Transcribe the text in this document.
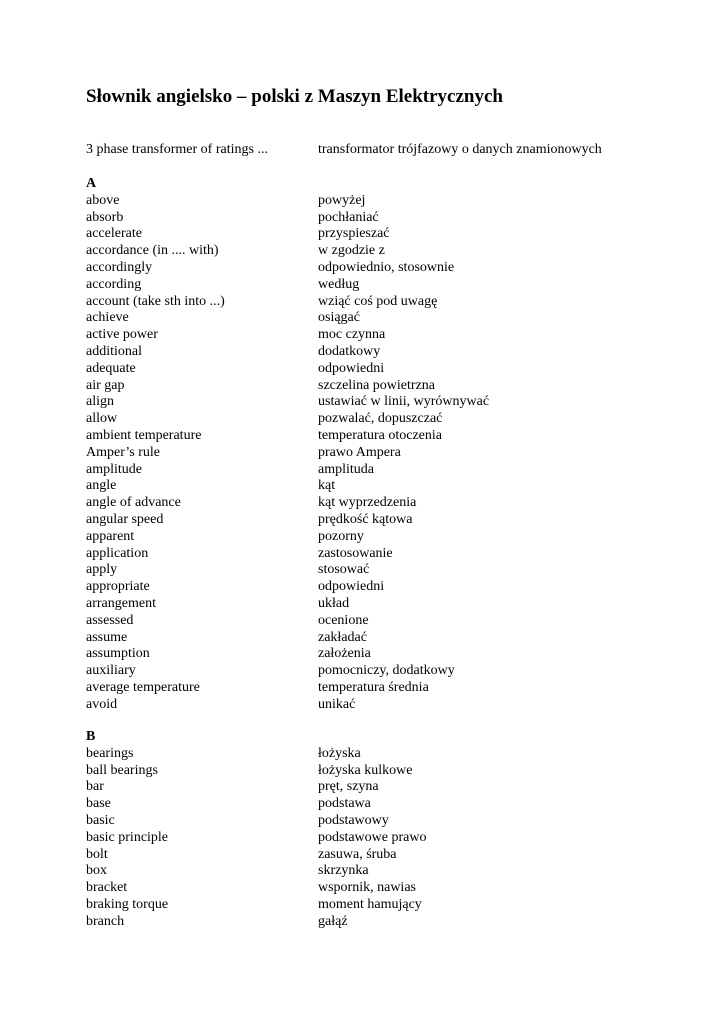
Słownik angielsko – polski z Maszyn Elektrycznych
3 phase transformer of ratings ...	transformator trójfazowy o danych znamionowych
A
above	powyżej
absorb	pochłaniać
accelerate	przyspieszać
accordance (in .... with)	w zgodzie z
accordingly	odpowiednio, stosownie
according	według
account (take sth into ...)	wziąć coś pod uwagę
achieve	osiągać
active power	moc czynna
additional	dodatkowy
adequate	odpowiedni
air gap	szczelina powietrzna
align	ustawiać w linii, wyrównywać
allow	pozwalać, dopuszczać
ambient temperature	temperatura otoczenia
Amper’s rule	prawo Ampera
amplitude	amplituda
angle	kąt
angle of advance	kąt wyprzedzenia
angular speed	prędkość kątowa
apparent	pozorny
application	zastosowanie
apply	stosować
appropriate	odpowiedni
arrangement	układ
assessed	ocenione
assume	zakładać
assumption	założenia
auxiliary	pomocniczy, dodatkowy
average temperature	temperatura średnia
avoid	unikać
B
bearings	łożyska
ball bearings	łożyska kulkowe
bar	pręt, szyna
base	podstawa
basic	podstawowy
basic principle	podstawowe prawo
bolt	zasuwa, śruba
box	skrzynka
bracket	wspornik, nawias
braking torque	moment hamujący
branch	gałąź
